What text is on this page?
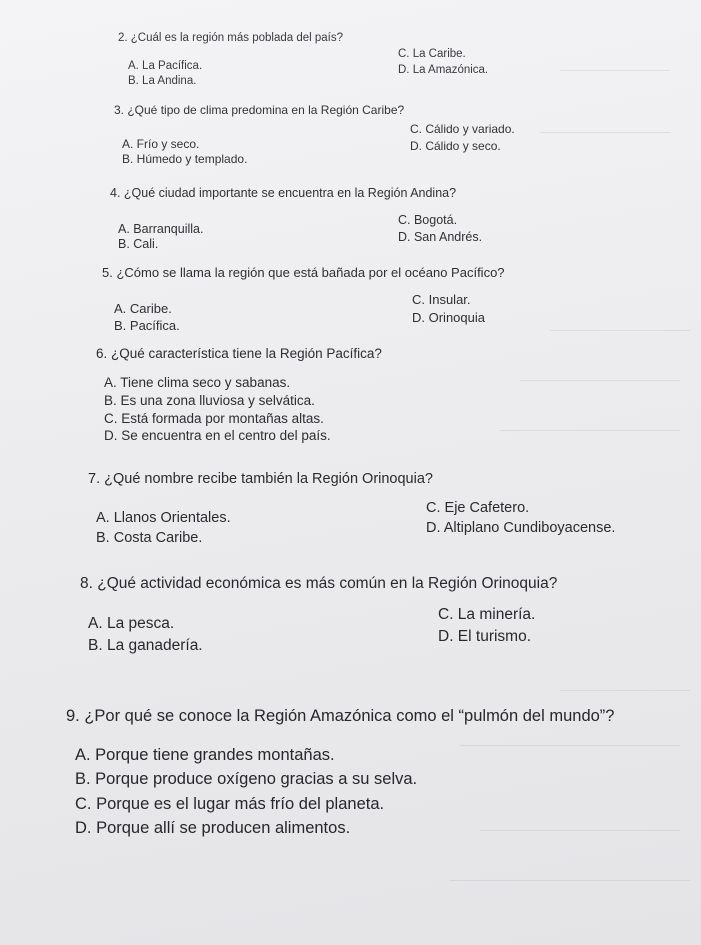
2. ¿Cuál es la región más poblada del país?
A. La Pacífica.
B. La Andina.
C. La Caribe.
D. La Amazónica.
3. ¿Qué tipo de clima predomina en la Región Caribe?
A. Frío y seco.
B. Húmedo y templado.
C. Cálido y variado.
D. Cálido y seco.
4. ¿Qué ciudad importante se encuentra en la Región Andina?
A. Barranquilla.
B. Cali.
C. Bogotá.
D. San Andrés.
5. ¿Cómo se llama la región que está bañada por el océano Pacífico?
A. Caribe.
B. Pacífica.
C. Insular.
D. Orinoquia
6. ¿Qué característica tiene la Región Pacífica?
A. Tiene clima seco y sabanas.
B. Es una zona lluviosa y selvática.
C. Está formada por montañas altas.
D. Se encuentra en el centro del país.
7. ¿Qué nombre recibe también la Región Orinoquia?
A. Llanos Orientales.
B. Costa Caribe.
C. Eje Cafetero.
D. Altiplano Cundiboyacense.
8. ¿Qué actividad económica es más común en la Región Orinoquia?
A. La pesca.
B. La ganadería.
C. La minería.
D. El turismo.
9. ¿Por qué se conoce la Región Amazónica como el “pulmón del mundo”?
A. Porque tiene grandes montañas.
B. Porque produce oxígeno gracias a su selva.
C. Porque es el lugar más frío del planeta.
D. Porque allí se producen alimentos.
